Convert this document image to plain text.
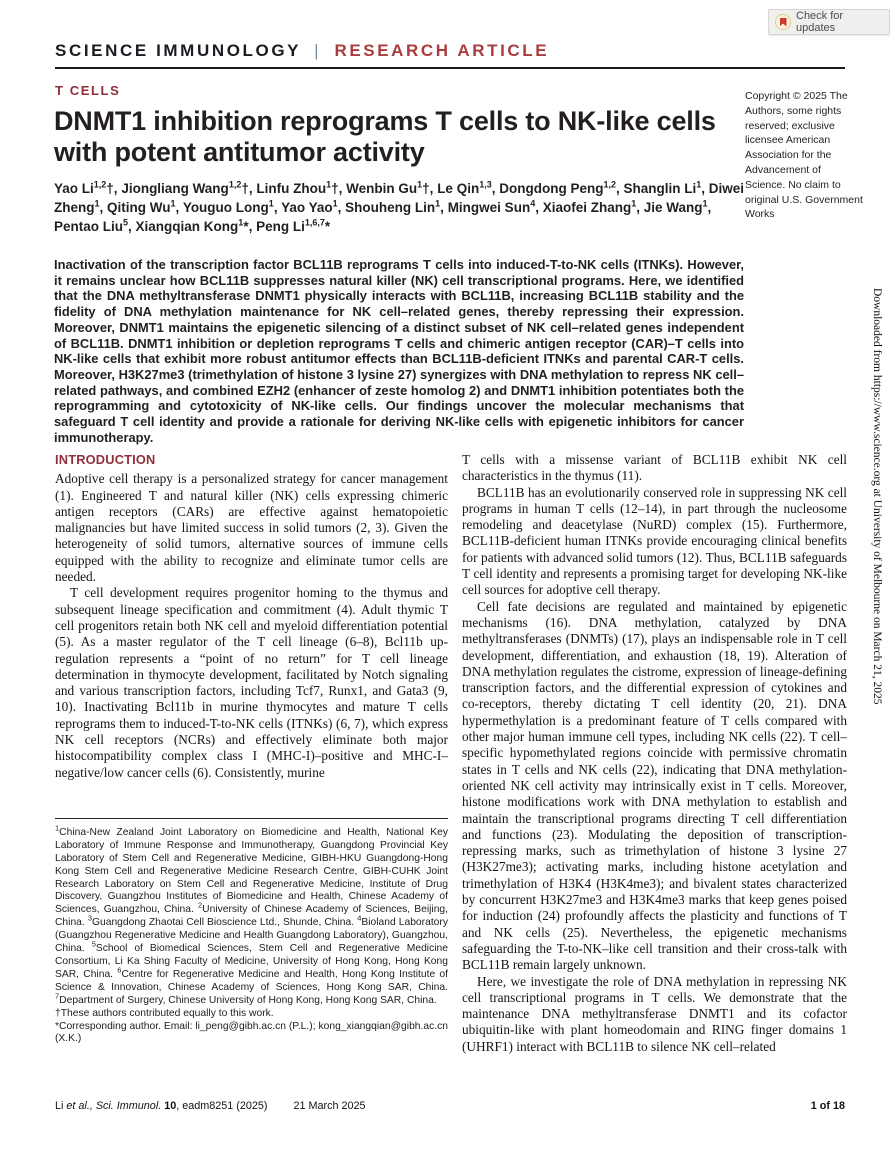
Check for updates
SCIENCE IMMUNOLOGY | RESEARCH ARTICLE
T CELLS
DNMT1 inhibition reprograms T cells to NK-like cells with potent antitumor activity
Yao Li$^{1,2}$†, Jiongliang Wang$^{1,2}$†, Linfu Zhou$^1$†, Wenbin Gu$^1$†, Le Qin$^{1,3}$, Dongdong Peng$^{1,2}$, Shanglin Li$^1$, Diwei Zheng$^1$, Qiting Wu$^1$, Youguo Long$^1$, Yao Yao$^1$, Shouheng Lin$^1$, Mingwei Sun$^4$, Xiaofei Zhang$^1$, Jie Wang$^1$, Pentao Liu$^5$, Xiangqian Kong$^1$*, Peng Li$^{1,6,7}$*
Copyright © 2025 The Authors, some rights reserved; exclusive licensee American Association for the Advancement of Science. No claim to original U.S. Government Works
Inactivation of the transcription factor BCL11B reprograms T cells into induced-T-to-NK cells (ITNKs). However, it remains unclear how BCL11B suppresses natural killer (NK) cell transcriptional programs. Here, we identified that the DNA methyltransferase DNMT1 physically interacts with BCL11B, increasing BCL11B stability and the fidelity of DNA methylation maintenance for NK cell–related genes, thereby repressing their expression. Moreover, DNMT1 maintains the epigenetic silencing of a distinct subset of NK cell–related genes independent of BCL11B. DNMT1 inhibition or depletion reprograms T cells and chimeric antigen receptor (CAR)–T cells into NK-like cells that exhibit more robust antitumor effects than BCL11B-deficient ITNKs and parental CAR-T cells. Moreover, H3K27me3 (trimethylation of histone 3 lysine 27) synergizes with DNA methylation to repress NK cell–related pathways, and combined EZH2 (enhancer of zeste homolog 2) and DNMT1 inhibition potentiates both the reprogramming and cytotoxicity of NK-like cells. Our findings uncover the molecular mechanisms that safeguard T cell identity and provide a rationale for deriving NK-like cells with epigenetic inhibitors for cancer immunotherapy.
INTRODUCTION

Adoptive cell therapy is a personalized strategy for cancer management (1). Engineered T and natural killer (NK) cells expressing chimeric antigen receptors (CARs) are effective against hematopoietic malignancies but have limited success in solid tumors (2, 3). Given the heterogeneity of solid tumors, alternative sources of immune cells equipped with the ability to recognize and eliminate tumor cells are needed.

T cell development requires progenitor homing to the thymus and subsequent lineage specification and commitment (4). Adult thymic T cell progenitors retain both NK cell and myeloid differentiation potential (5). As a master regulator of the T cell lineage (6–8), Bcl11b up-regulation represents a “point of no return” for T cell lineage determination in thymocyte development, facilitated by Notch signaling and various transcription factors, including Tcf7, Runx1, and Gata3 (9, 10). Inactivating Bcl11b in murine thymocytes and mature T cells reprograms them to induced-T-to-NK cells (ITNKs) (6, 7), which express NK cell receptors (NCRs) and effectively eliminate both major histocompatibility complex class I (MHC-I)–positive and MHC-I–negative/low cancer cells (6). Consistently, murine

$^1$China-New Zealand Joint Laboratory on Biomedicine and Health, National Key Laboratory of Immune Response and Immunotherapy, Guangdong Provincial Key Laboratory of Stem Cell and Regenerative Medicine, GIBH-HKU Guangdong-Hong Kong Stem Cell and Regenerative Medicine Research Centre, GIBH-CUHK Joint Research Laboratory on Stem Cell and Regenerative Medicine, Institute of Drug Discovery, Guangzhou Institutes of Biomedicine and Health, Chinese Academy of Sciences, Guangzhou, China. $^2$University of Chinese Academy of Sciences, Beijing, China. $^3$Guangdong Zhaotai Cell Bioscience Ltd., Shunde, China. $^4$Bioland Laboratory (Guangzhou Regenerative Medicine and Health Guangdong Laboratory), Guangzhou, China. $^5$School of Biomedical Sciences, Stem Cell and Regenerative Medicine Consortium, Li Ka Shing Faculty of Medicine, University of Hong Kong, Hong Kong SAR, China. $^6$Centre for Regenerative Medicine and Health, Hong Kong Institute of Science & Innovation, Chinese Academy of Sciences, Hong Kong SAR, China. $^7$Department of Surgery, Chinese University of Hong Kong, Hong Kong SAR, China.

†These authors contributed equally to this work.

*Corresponding author. Email: li_peng@gibh.ac.cn (P.L.); kong_xiangqian@gibh.ac.cn (X.K.)

T cells with a missense variant of BCL11B exhibit NK cell characteristics in the thymus (11).

BCL11B has an evolutionarily conserved role in suppressing NK cell programs in human T cells (12–14), in part through the nucleosome remodeling and deacetylase (NuRD) complex (15). Furthermore, BCL11B-deficient human ITNKs provide encouraging clinical benefits for patients with advanced solid tumors (12). Thus, BCL11B safeguards T cell identity and represents a promising target for developing NK-like cell sources for adoptive cell therapy.

Cell fate decisions are regulated and maintained by epigenetic mechanisms (16). DNA methylation, catalyzed by DNA methyltransferases (DNMTs) (17), plays an indispensable role in T cell development, differentiation, and exhaustion (18, 19). Alteration of DNA methylation regulates the cistrome, expression of lineage-defining transcription factors, and the differential expression of cytokines and co-receptors, thereby dictating T cell identity (20, 21). DNA hypermethylation is a predominant feature of T cells compared with other major human immune cell types, including NK cells (22). T cell–specific hypomethylated regions coincide with permissive chromatin states in T cells and NK cells (22), indicating that DNA methylation-oriented NK cell activity may intrinsically exist in T cells. Moreover, histone modifications work with DNA methylation to establish and maintain the transcriptional programs directing T cell differentiation and functions (23). Modulating the deposition of transcription-repressing marks, such as trimethylation of histone 3 lysine 27 (H3K27me3); activating marks, including histone acetylation and trimethylation of H3K4 (H3K4me3); and bivalent states characterized by concurrent H3K27me3 and H3K4me3 marks that keep genes poised for induction (24) profoundly affects the plasticity and functions of T and NK cells (25). Nevertheless, the epigenetic mechanisms safeguarding the T-to-NK–like cell transition and their cross-talk with BCL11B remain largely unknown.

Here, we investigate the role of DNA methylation in repressing NK cell transcriptional programs in T cells. We demonstrate that the maintenance DNA methyltransferase DNMT1 and its cofactor ubiquitin-like with plant homeodomain and RING finger domains 1 (UHRF1) interact with BCL11B to silence NK cell–related

Downloaded from https://www.science.org at University of Melbourne on March 21, 2025
Li et al., Sci. Immunol. 10, eadm8251 (2025) 21 March 2025	1 of 18
